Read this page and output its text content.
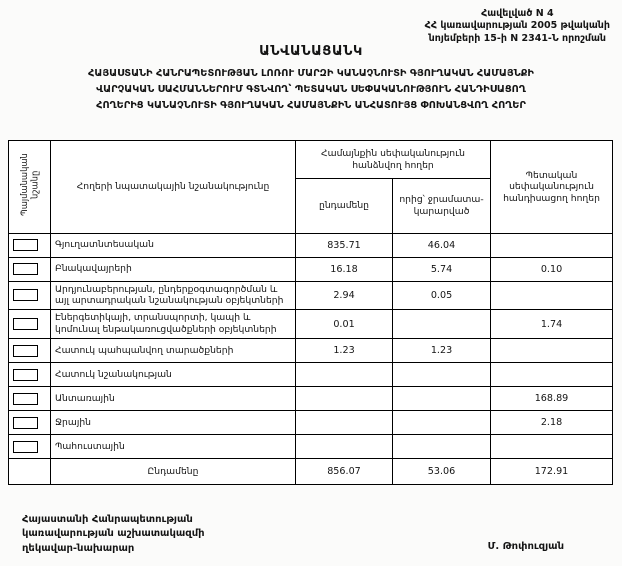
Հավելված N 4
ՀՀ կառավարության 2005 թվականի
նոյեմբերի 15-ի N 2341-Ն որոշման
ԱՆՎԱՆԱՑԱՆԿ
ՀԱՅԱՍՏԱՆԻ ՀԱՆՐԱՊԵՏՈՒԹՅԱՆ ԼՈՌՈՒ ՄԱՐԶԻ ԿԱՆԱՉՆՈՒՏԻ ԳՅՈՒՂԱԿԱՆ ՀԱՄԱՅՆՔԻ
ՎԱՐՉԱԿԱՆ ՍԱՀՄԱՆՆԵՐՈՒՄ ԳՏՆՎՈՂ՝ ՊԵՏԱԿԱՆ ՍԵՓԱԿԱՆՈՒԹՅՈՒՆ ՀԱՆԴԻՍԱՑՈՂ
ՀՈՂԵՐԻՑ ԿԱՆԱՉՆՈՒՏԻ ԳՅՈՒՂԱԿԱՆ ՀԱՄԱՅՆՔԻՆ ԱՆՀԱՏՈՒՅՑ ՓՈԽԱՆՑՎՈՂ ՀՈՂԵՐ
Պայմանական նշանը	Հողերի նպատակային նշանակությունը	Համայնքին սեփականություն հանձնվող հողեր		Պետական սեփականություն հանդիսացող հողեր
		ընդամենը	որից՝ ջրամատա-կարարված	

	Գյուղատնտեսական	835.71	46.04	

	Բնակավայրերի	16.18	5.74	0.10

	Արդյունաբերության, ընդերքօգտագործման և այլ արտադրական նշանակության օբյեկտների	2.94	0.05	

	Էներգետիկայի, տրանսպորտի, կապի և կոմունալ ենթակառուցվածքների օբյեկտների	0.01		1.74

	Հատուկ պահպանվող տարածքների	1.23	1.23	

	Հատուկ նշանակության			

	Անտառային			168.89

	Ջրային			2.18

	Պահուստային			
	Ընդամենը	856.07	53.06	172.91
Հայաստանի Հանրապետության
կառավարության աշխատակազմի
ղեկավար-նախարար	Մ. Թոփուզյան
